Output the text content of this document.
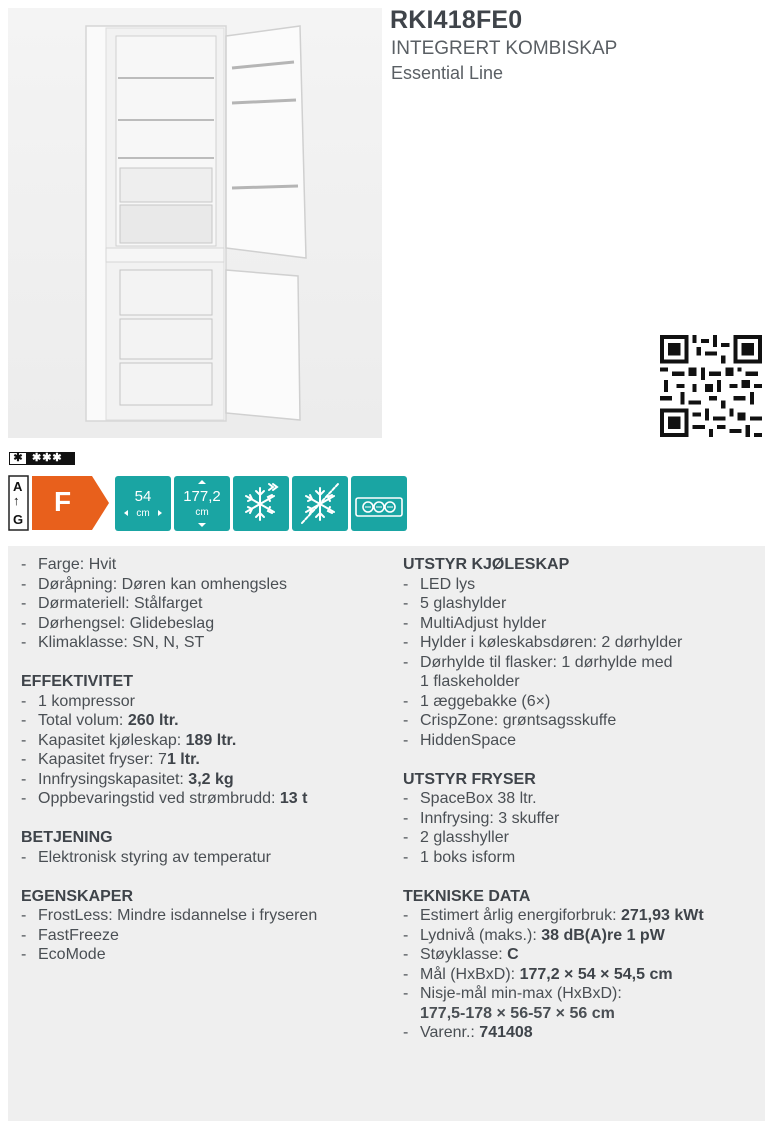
RKI418FE0
INTEGRERT KOMBISKAP
Essential Line
✱ ✱✱✱
A
↑
G
F	54
cm
177,2
cm
- Farge: Hvit
- Døråpning: Døren kan omhengsles
- Dørmateriell: Stålfarget
- Dørhengsel: Glidebeslag
- Klimaklasse: SN, N, ST
EFFEKTIVITET
- 1 kompressor
- Total volum: 260 ltr.
- Kapasitet kjøleskap: 189 ltr.
- Kapasitet fryser: 71 ltr.
- Innfrysingskapasitet: 3,2 kg
- Oppbevaringstid ved strømbrudd: 13 t
BETJENING
- Elektronisk styring av temperatur
EGENSKAPER
- FrostLess: Mindre isdannelse i fryseren
- FastFreeze
- EcoMode
UTSTYR KJØLESKAP
- LED lys
- 5 glashylder
- MultiAdjust hylder
- Hylder i køleskabsdøren: 2 dørhylder
- Dørhylde til flasker: 1 dørhylde med
1 flaskeholder
- 1 æggebakke (6×)
- CrispZone: grøntsagsskuffe
- HiddenSpace
UTSTYR FRYSER
- SpaceBox 38 ltr.
- Innfrysing: 3 skuffer
- 2 glasshyller
- 1 boks isform
TEKNISKE DATA
- Estimert årlig energiforbruk: 271,93 kWt
- Lydnivå (maks.): 38 dB(A)re 1 pW
- Støyklasse: C
- Mål (HxBxD): 177,2 × 54 × 54,5 cm
- Nisje-mål min-max (HxBxD):
177,5-178 × 56-57 × 56 cm
- Varenr.: 741408
